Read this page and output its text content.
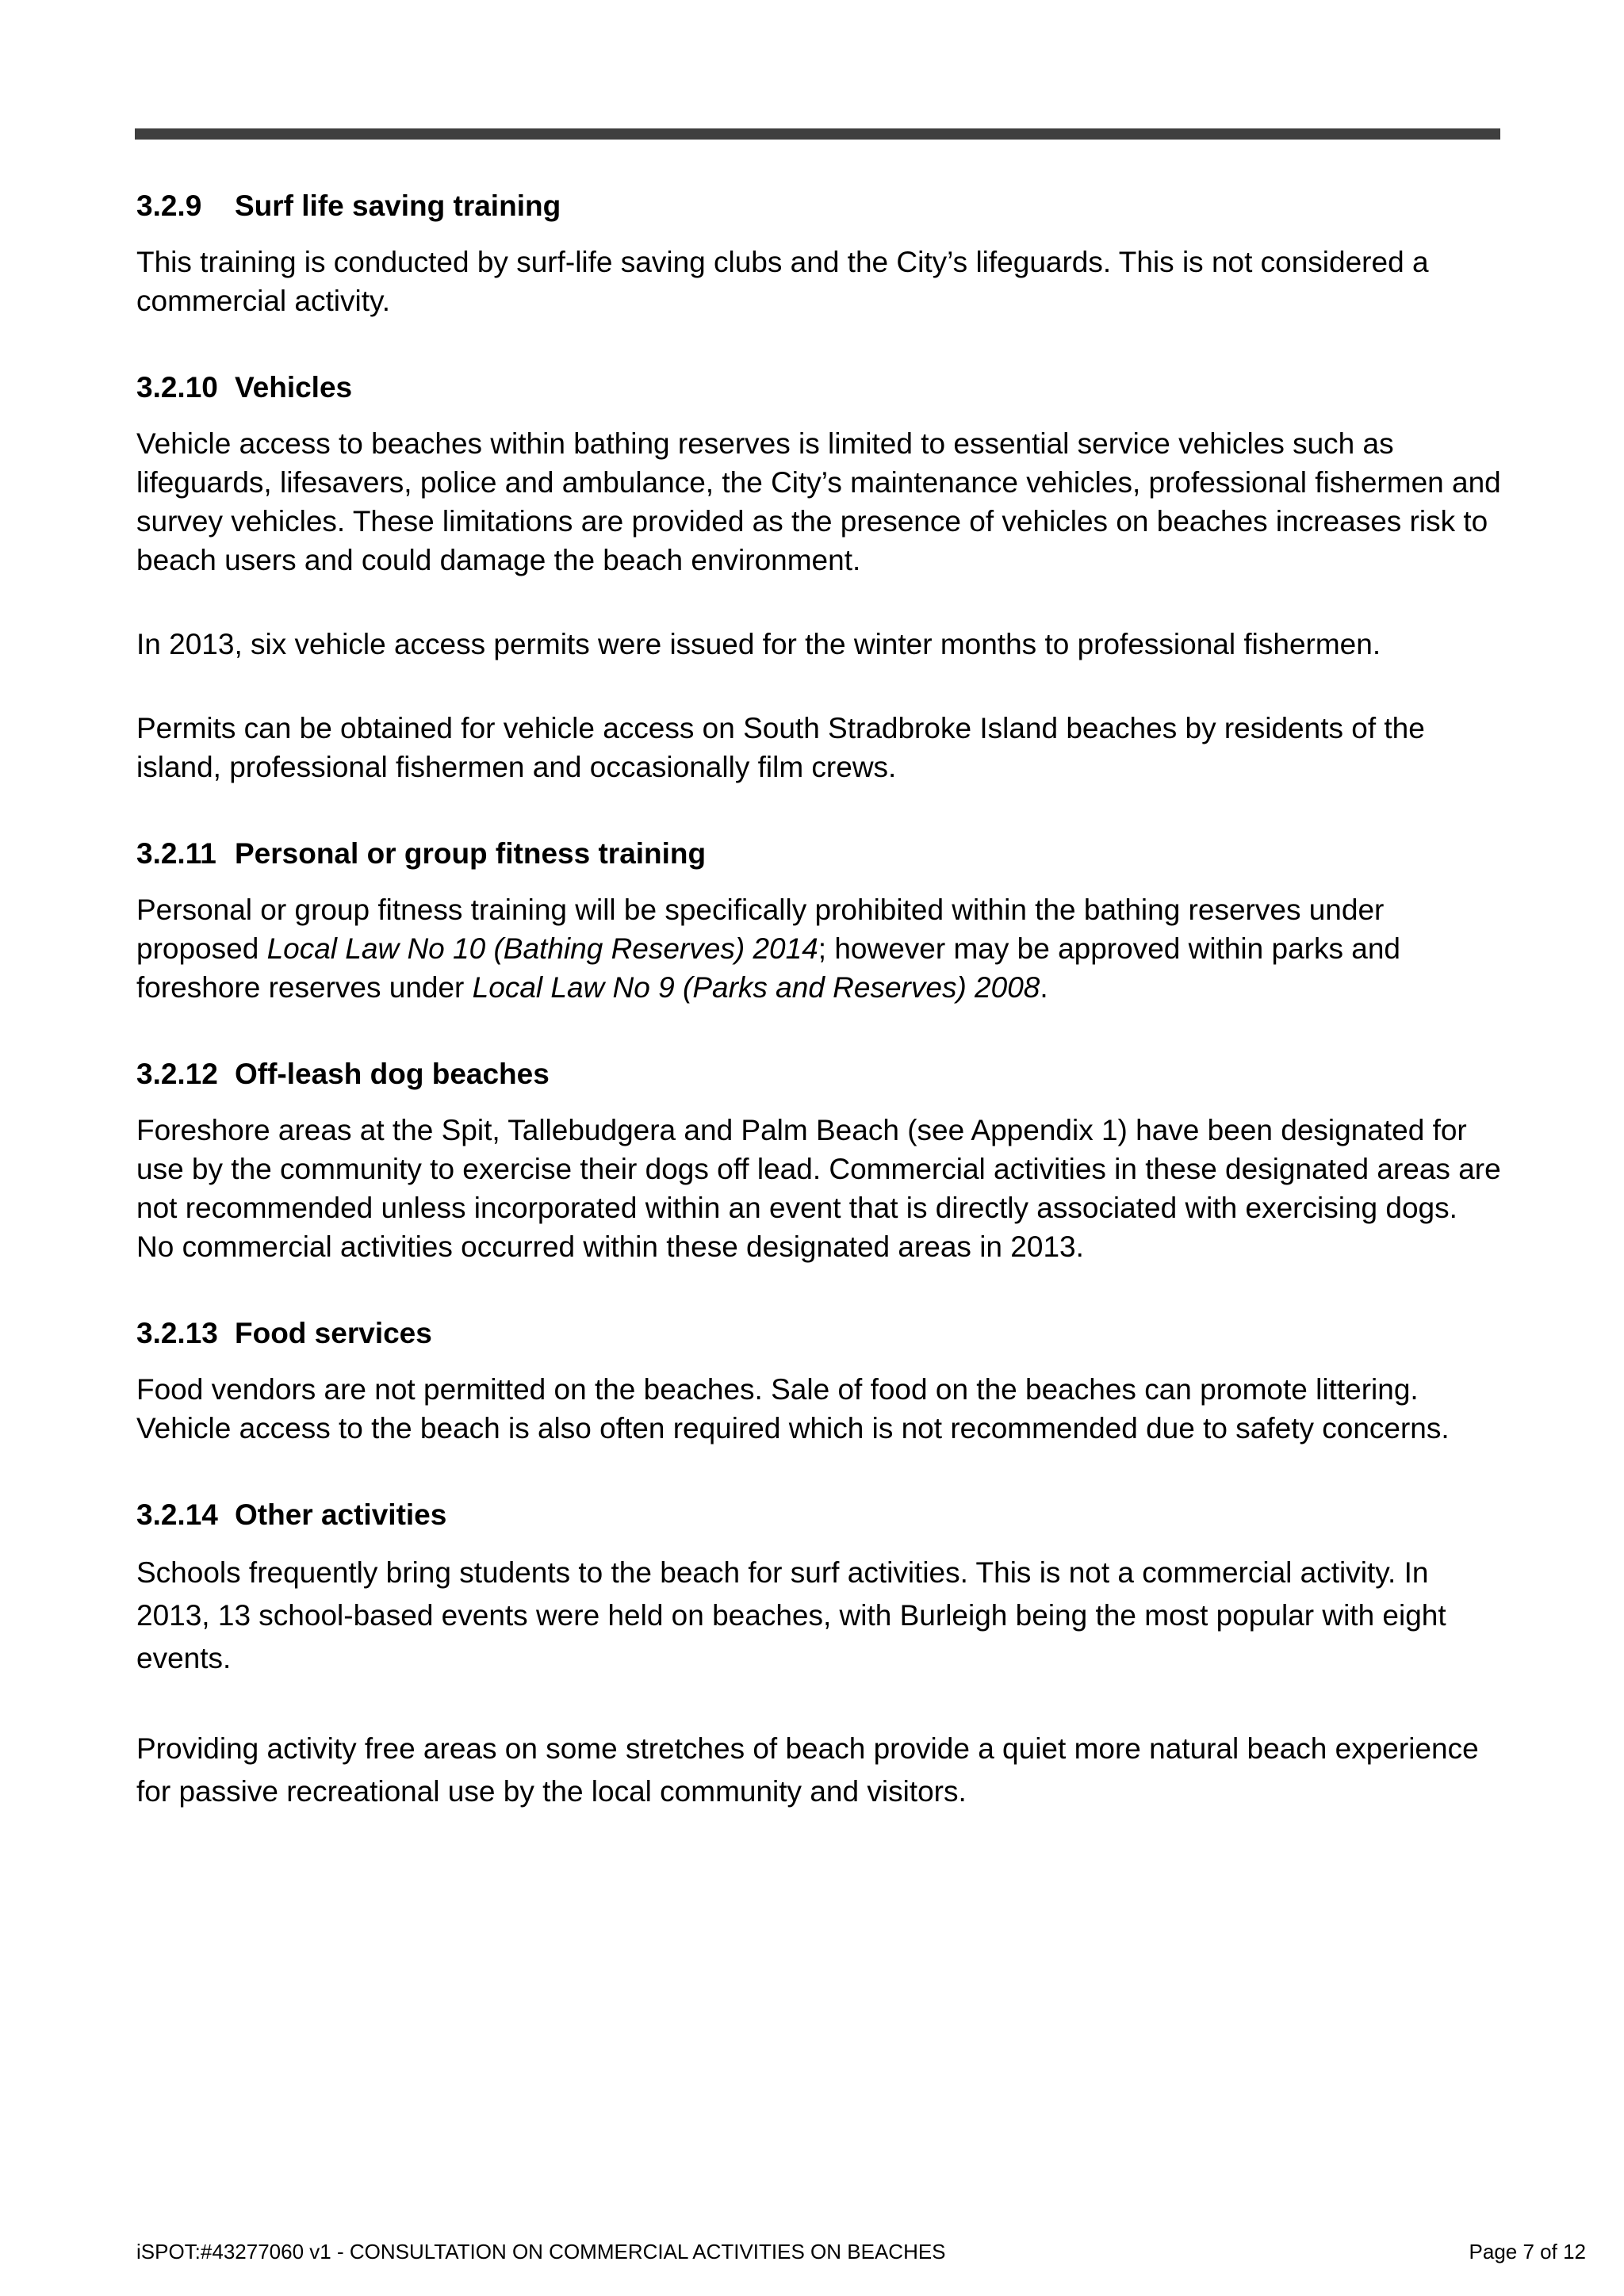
3.2.9 Surf life saving training

This training is conducted by surf-life saving clubs and the City’s lifeguards. This is not considered a commercial activity.

3.2.10 Vehicles

Vehicle access to beaches within bathing reserves is limited to essential service vehicles such as lifeguards, lifesavers, police and ambulance, the City’s maintenance vehicles, professional fishermen and survey vehicles. These limitations are provided as the presence of vehicles on beaches increases risk to beach users and could damage the beach environment.

In 2013, six vehicle access permits were issued for the winter months to professional fishermen.

Permits can be obtained for vehicle access on South Stradbroke Island beaches by residents of the island, professional fishermen and occasionally film crews.

3.2.11 Personal or group fitness training

Personal or group fitness training will be specifically prohibited within the bathing reserves under proposed Local Law No 10 (Bathing Reserves) 2014; however may be approved within parks and foreshore reserves under Local Law No 9 (Parks and Reserves) 2008.

3.2.12 Off-leash dog beaches

Foreshore areas at the Spit, Tallebudgera and Palm Beach (see Appendix 1) have been designated for use by the community to exercise their dogs off lead. Commercial activities in these designated areas are not recommended unless incorporated within an event that is directly associated with exercising dogs. No commercial activities occurred within these designated areas in 2013.

3.2.13 Food services

Food vendors are not permitted on the beaches. Sale of food on the beaches can promote littering. Vehicle access to the beach is also often required which is not recommended due to safety concerns.

3.2.14 Other activities

Schools frequently bring students to the beach for surf activities. This is not a commercial activity. In 2013, 13 school-based events were held on beaches, with Burleigh being the most popular with eight events.

Providing activity free areas on some stretches of beach provide a quiet more natural beach experience for passive recreational use by the local community and visitors.

iSPOT:#43277060 v1 - CONSULTATION ON COMMERCIAL ACTIVITIES ON BEACHES	Page 7 of 12
